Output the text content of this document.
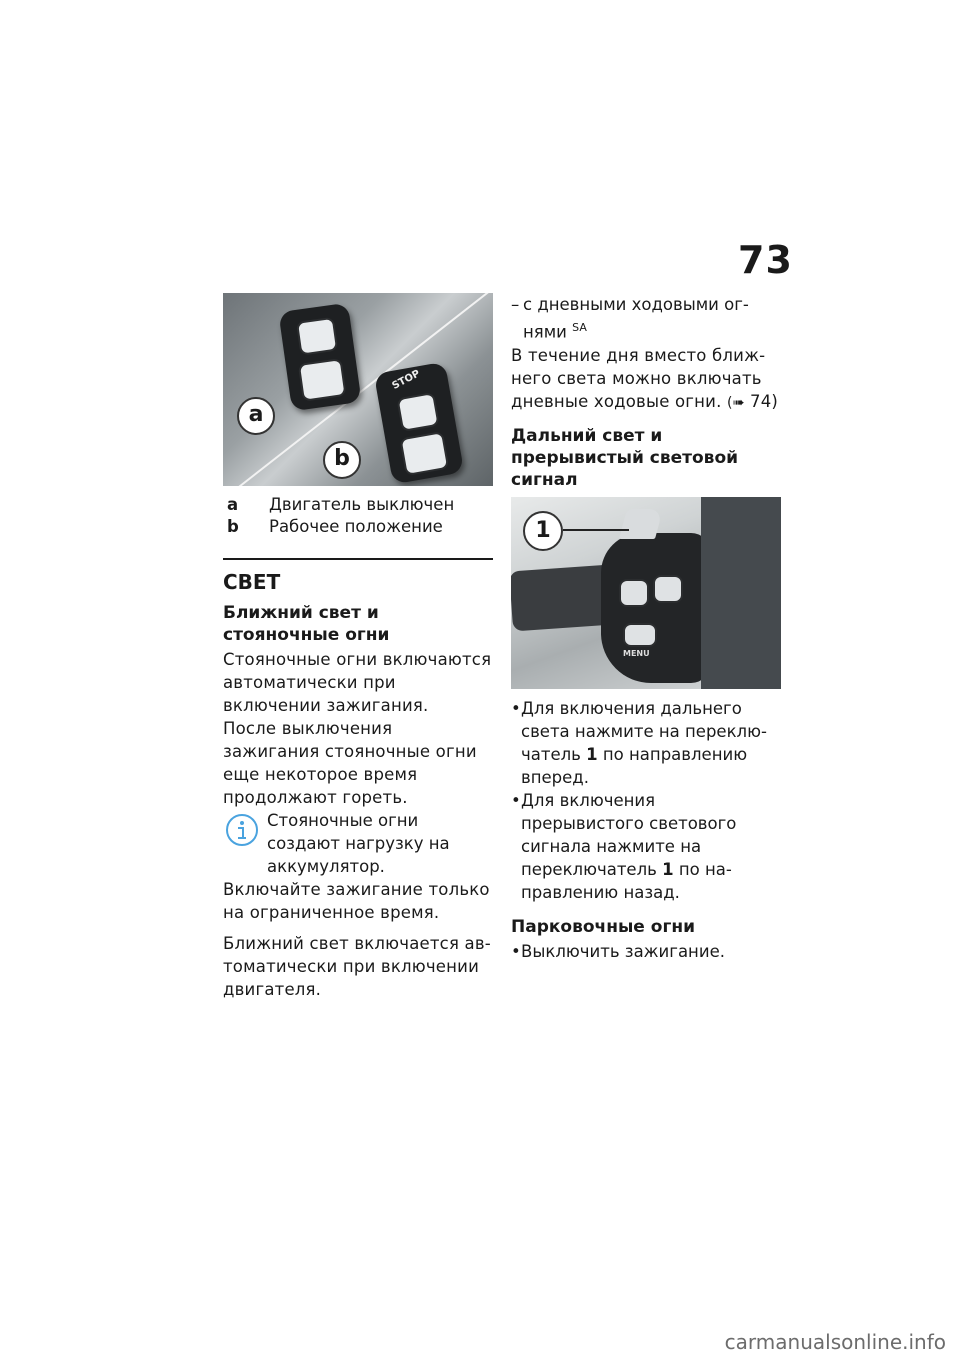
73
STOP
a
b
a	Двигатель выключен
b	Рабочее положение
СВЕТ
Ближний свет и стояночные огни

Стояночные огни включаются автоматически при включении зажигания.

После выключения зажигания стояночные огни еще некоторое время продолжают гореть.

Стояночные огни создают нагрузку на аккумулятор.

Включайте зажигание только на ограниченное время.

Ближний свет включается автоматически при включении двигателя.

– с дневными ходовыми огнями $^{SA}$

В течение дня вместо ближнего света можно включать дневные ходовые огни. (➠ 74)

Дальний свет и прерывистый световой сигнал
MENU
1
• Для включения дальнего света нажмите на переключатель 1 по направлению вперед.
• Для включения прерывистого светового сигнала нажмите на переключатель 1 по направлению назад.
Парковочные огни
• Выключить зажигание.
carmanualsonline.info
